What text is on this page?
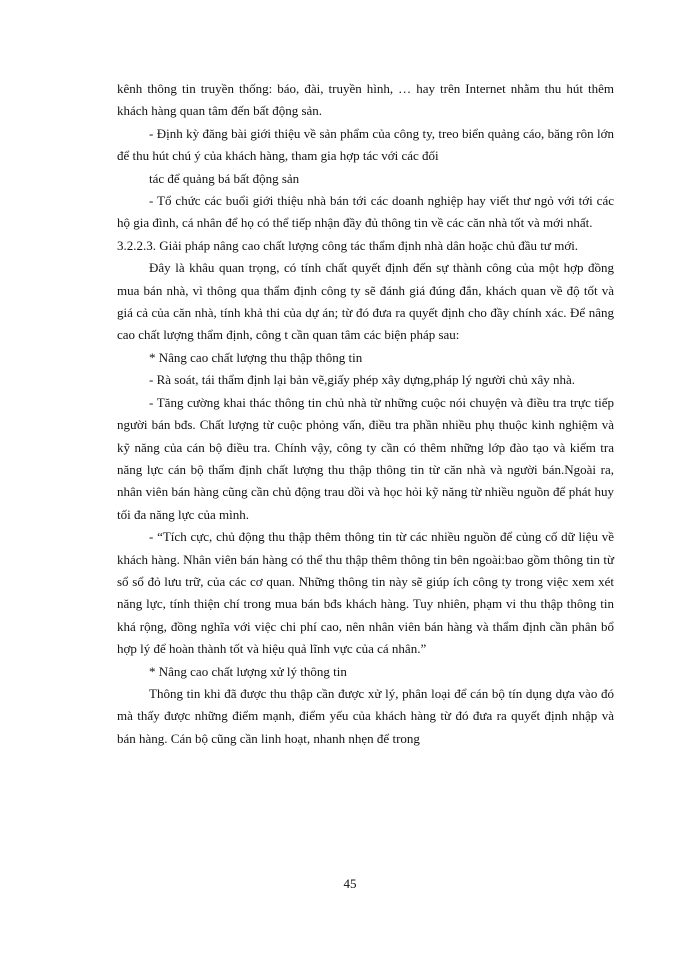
kênh thông tin truyền thống: báo, đài, truyền hình, … hay trên Internet nhằm thu hút thêm khách hàng quan tâm đến bất động sản.

- Định kỳ đăng bài giới thiệu về sản phẩm của công ty, treo biển quảng cáo, băng rôn lớn để thu hút chú ý của khách hàng, tham gia hợp tác với các đối

tác để quảng bá bất động sản

- Tổ chức các buổi giới thiệu nhà bán tới các doanh nghiệp hay viết thư ngỏ với tới các hộ gia đình, cá nhân để họ có thể tiếp nhận đầy đủ thông tin về các căn nhà tốt và mới nhất.

3.2.2.3. Giải pháp nâng cao chất lượng công tác thẩm định nhà dân hoặc chủ đầu tư mới.

Đây là khâu quan trọng, có tính chất quyết định đến sự thành công của một hợp đồng mua bán nhà, vì thông qua thẩm định công ty sẽ đánh giá đúng đắn, khách quan về độ tốt và giá cả của căn nhà, tính khả thi của dự án; từ đó đưa ra quyết định cho đầy chính xác. Để nâng cao chất lượng thẩm định, công t cần quan tâm các biện pháp sau:

* Nâng cao chất lượng thu thập thông tin

- Rà soát, tái thẩm định lại bản vẽ,giấy phép xây dựng,pháp lý người chủ xây nhà.

- Tăng cường khai thác thông tin chủ nhà từ những cuộc nói chuyện và điều tra trực tiếp người bán bđs. Chất lượng từ cuộc phỏng vấn, điều tra phần nhiều phụ thuộc kinh nghiệm và kỹ năng của cán bộ điều tra. Chính vậy, công ty cần có thêm những lớp đào tạo và kiểm tra năng lực cán bộ thẩm định chất lượng thu thập thông tin từ căn nhà và người bán.Ngoài ra, nhân viên bán hàng cũng cần chủ động trau dồi và học hỏi kỹ năng từ nhiều nguồn để phát huy tối đa năng lực của mình.

- “Tích cực, chủ động thu thập thêm thông tin từ các nhiều nguồn để củng cố dữ liệu về khách hàng. Nhân viên bán hàng có thể thu thập thêm thông tin bên ngoài:bao gồm thông tin từ sổ sổ đỏ lưu trữ, của các cơ quan. Những thông tin này sẽ giúp ích công ty trong việc xem xét năng lực, tính thiện chí trong mua bán bđs khách hàng. Tuy nhiên, phạm vi thu thập thông tin khá rộng, đồng nghĩa với việc chi phí cao, nên nhân viên bán hàng và thẩm định cần phân bổ hợp lý để hoàn thành tốt và hiệu quả lĩnh vực của cá nhân.”

* Nâng cao chất lượng xử lý thông tin

Thông tin khi đã được thu thập cần được xử lý, phân loại để cán bộ tín dụng dựa vào đó mà thấy được những điểm mạnh, điểm yếu của khách hàng từ đó đưa ra quyết định nhập và bán hàng. Cán bộ cũng cần linh hoạt, nhanh nhẹn để trong

45
